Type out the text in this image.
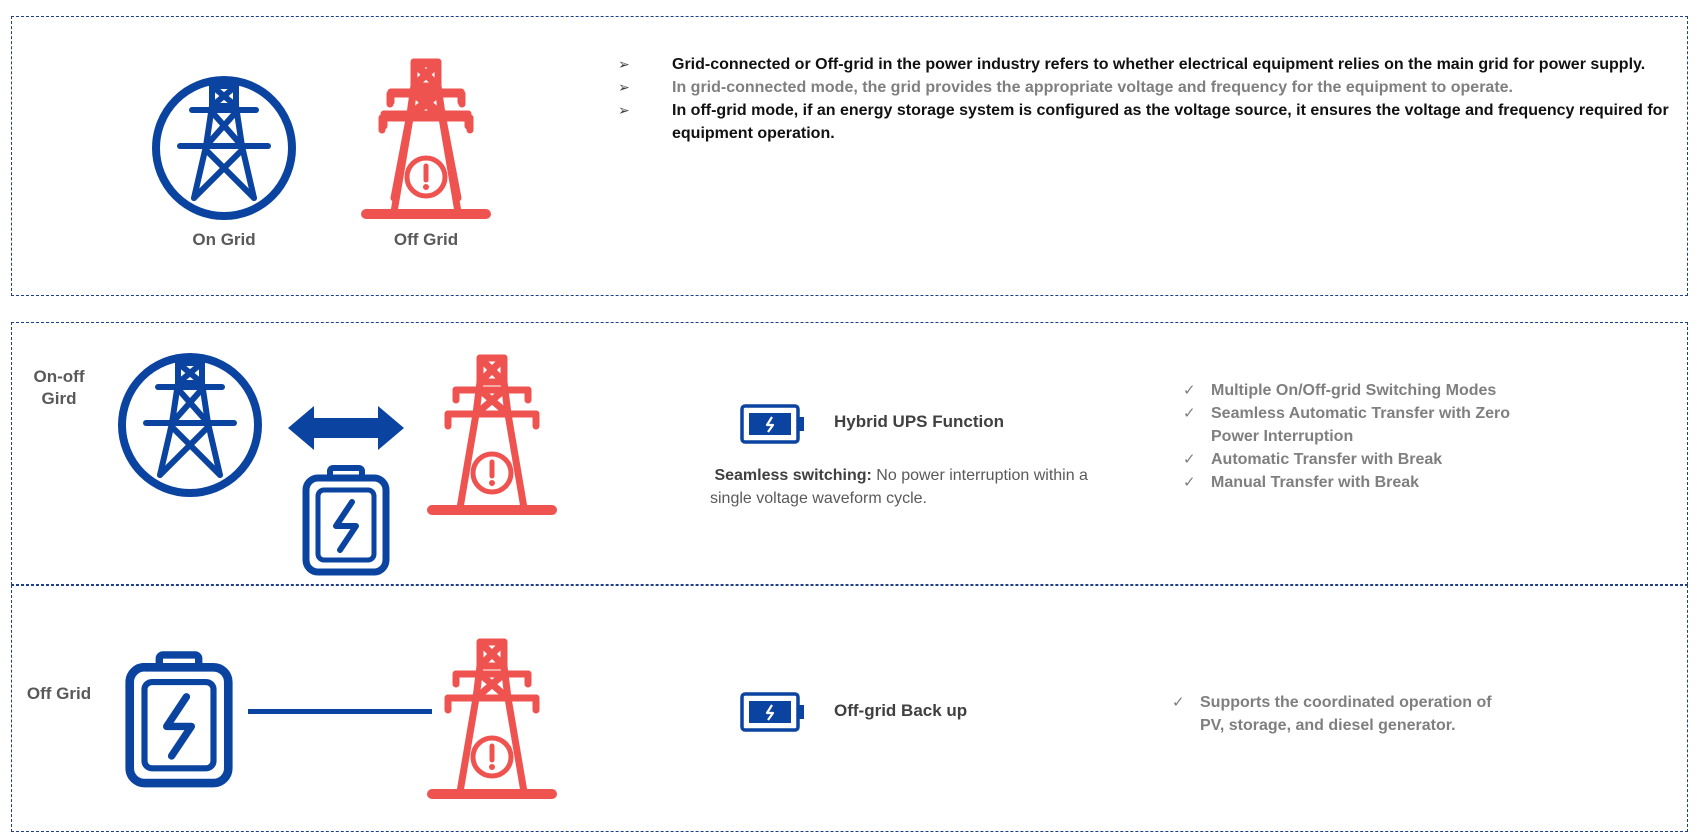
On Grid	Off Grid
➢	Grid-connected or Off-grid in the power industry refers to whether electrical equipment relies on the main grid for power supply.
➢	In grid-connected mode, the grid provides the appropriate voltage and frequency for the equipment to operate.
➢	In off-grid mode, if an energy storage system is configured as the voltage source, it ensures the voltage and frequency required for equipment operation.
On-off Gird
Hybrid UPS Function
Seamless switching: No power interruption within a single voltage waveform cycle.
✓ Multiple On/Off-grid Switching Modes
✓ Seamless Automatic Transfer with Zero Power Interruption
✓ Automatic Transfer with Break
✓ Manual Transfer with Break
Off Grid
Off-grid Back up	✓ Supports the coordinated operation of PV, storage, and diesel generator.
